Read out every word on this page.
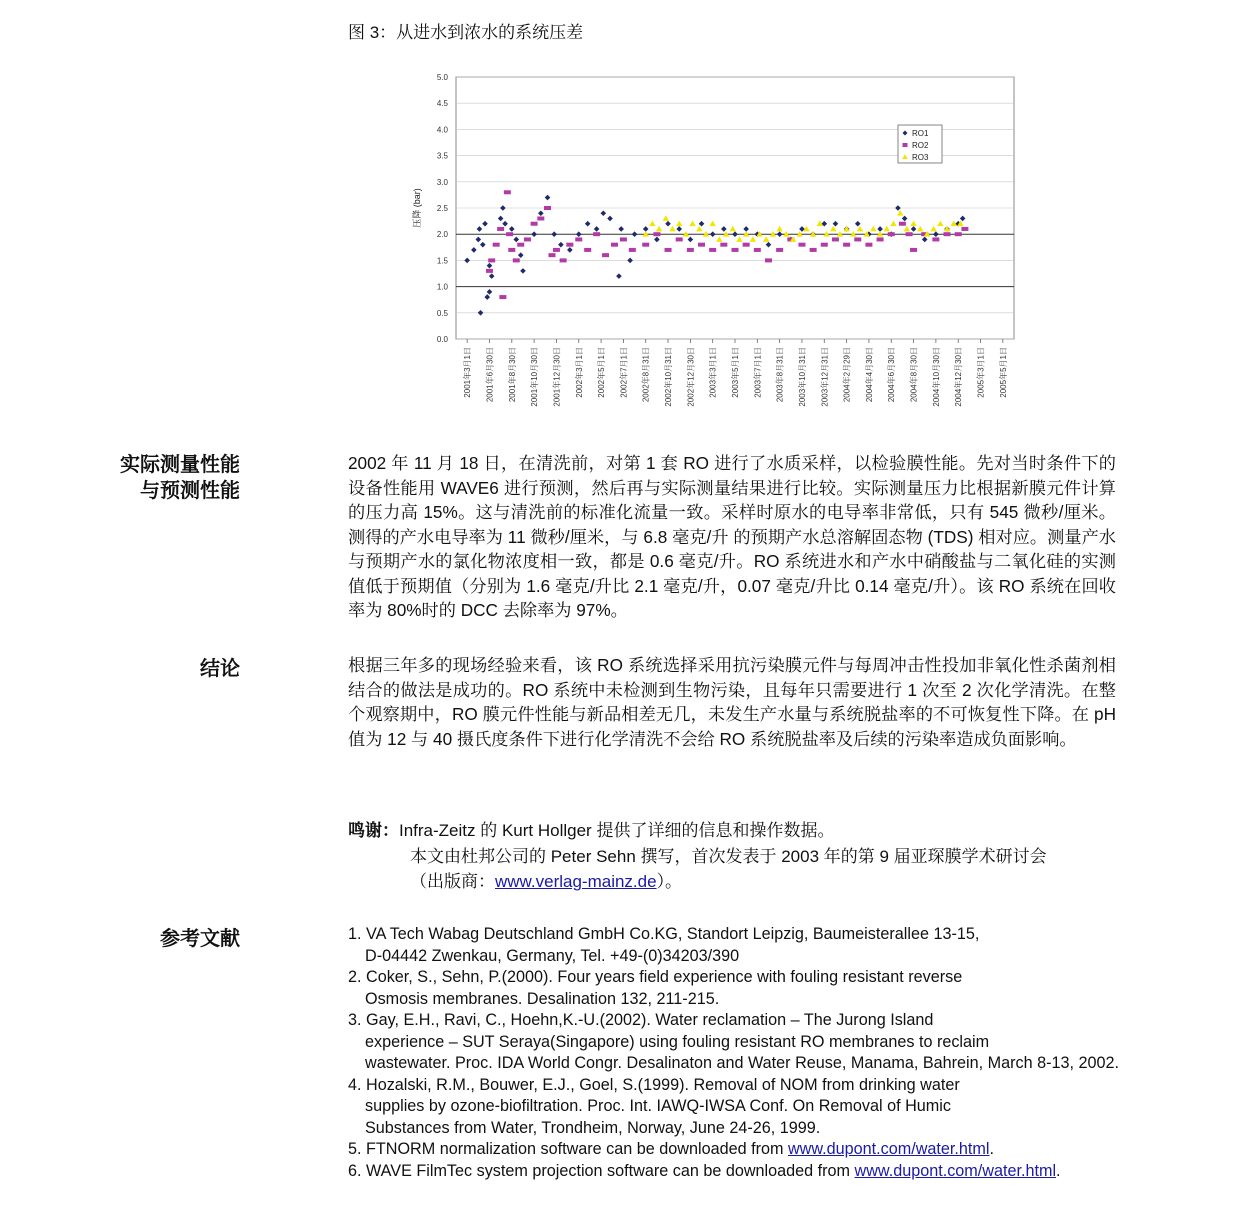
图 3：从进水到浓水的系统压差
0.0
0.5
1.0
1.5
2.0
2.5
3.0
3.5
4.0
4.5
5.0
压降 (bar)
2001年3月1日 2001年6月30日 2001年8月30日 2001年10月30日 2001年12月30日 2002年3月1日 2002年5月1日 2002年7月1日 2002年8月31日 2002年10月31日 2002年12月30日 2003年3月1日 2003年5月1日 2003年7月1日 2003年8月31日 2003年10月31日 2003年12月31日 2004年2月29日 2004年4月30日 2004年6月30日 2004年8月30日 2004年10月30日 2004年12月30日 2005年3月1日 2005年5月1日
RO1
RO2
RO3
实际测量性能
与预测性能
2002 年 11 月 18 日，在清洗前，对第 1 套 RO 进行了水质采样，以检验膜性能。先对当时条件下的设备性能用 WAVE6 进行预测，然后再与实际测量结果进行比较。实际测量压力比根据新膜元件计算的压力高 15%。这与清洗前的标准化流量一致。采样时原水的电导率非常低，只有 545 微秒/厘米。测得的产水电导率为 11 微秒/厘米，与 6.8 毫克/升 的预期产水总溶解固态物 (TDS) 相对应。测量产水与预期产水的氯化物浓度相一致，都是 0.6 毫克/升。RO 系统进水和产水中硝酸盐与二氧化硅的实测值低于预期值（分别为 1.6 毫克/升比 2.1 毫克/升，0.07 毫克/升比 0.14 毫克/升）。该 RO 系统在回收率为 80%时的 DCC 去除率为 97%。
结论	根据三年多的现场经验来看，该 RO 系统选择采用抗污染膜元件与每周冲击性投加非氧化性杀菌剂相结合的做法是成功的。RO 系统中未检测到生物污染，且每年只需要进行 1 次至 2 次化学清洗。在整个观察期中，RO 膜元件性能与新品相差无几，未发生产水量与系统脱盐率的不可恢复性下降。在 pH 值为 12 与 40 摄氏度条件下进行化学清洗不会给 RO 系统脱盐率及后续的污染率造成负面影响。
鸣谢：Infra-Zeitz 的 Kurt Hollger 提供了详细的信息和操作数据。
本文由杜邦公司的 Peter Sehn 撰写，首次发表于 2003 年的第 9 届亚琛膜学术研讨会
（出版商：www.verlag-mainz.de）。
参考文献	1. VA Tech Wabag Deutschland GmbH Co.KG, Standort Leipzig, Baumeisterallee 13-15,
D-04442 Zwenkau, Germany, Tel. +49-(0)34203/390
2. Coker, S., Sehn, P.(2000). Four years field experience with fouling resistant reverse
Osmosis membranes. Desalination 132, 211-215.
3. Gay, E.H., Ravi, C., Hoehn,K.-U.(2002). Water reclamation – The Jurong Island
experience – SUT Seraya(Singapore) using fouling resistant RO membranes to reclaim
wastewater. Proc. IDA World Congr. Desalinaton and Water Reuse, Manama, Bahrein, March 8-13, 2002.
4. Hozalski, R.M., Bouwer, E.J., Goel, S.(1999). Removal of NOM from drinking water
supplies by ozone-biofiltration. Proc. Int. IAWQ-IWSA Conf. On Removal of Humic
Substances from Water, Trondheim, Norway, June 24-26, 1999.
5. FTNORM normalization software can be downloaded from www.dupont.com/water.html.
6. WAVE FilmTec system projection software can be downloaded from www.dupont.com/water.html.
